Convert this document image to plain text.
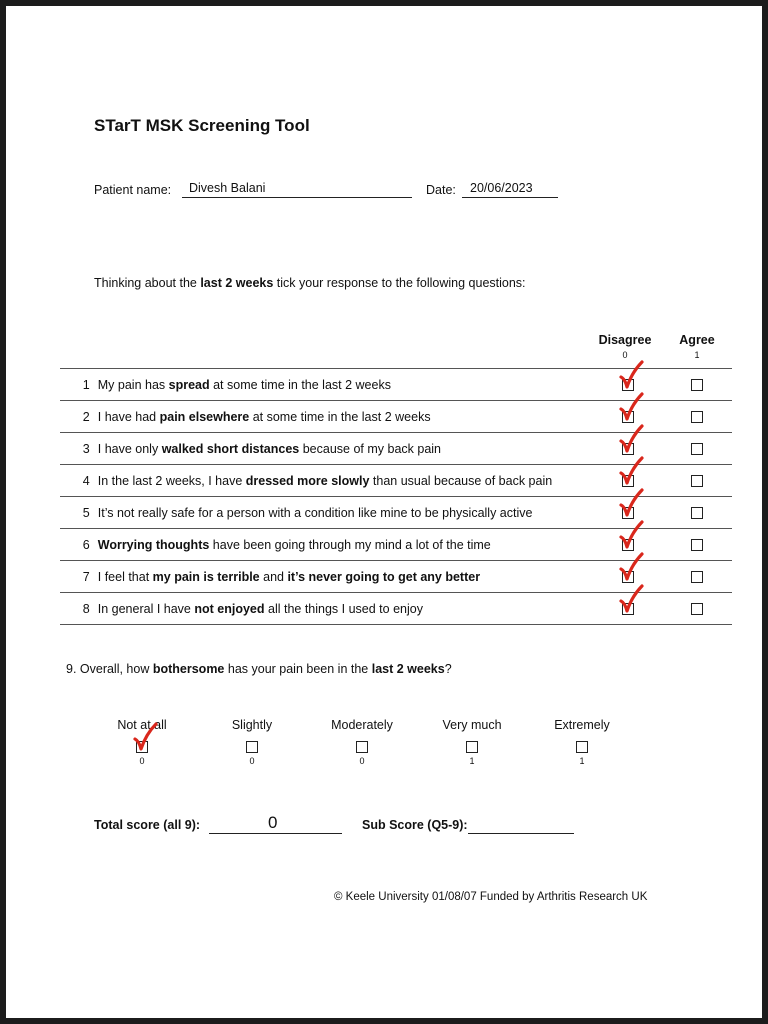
STarT MSK Screening Tool
Patient name: Divesh Balani	Date: 20/06/2023
Thinking about the last 2 weeks tick your response to the following questions:
Disagree
0
Agree
1
1	My pain has spread at some time in the last 2 weeks	

2	I have had pain elsewhere at some time in the last 2 weeks	

3	I have only walked short distances because of my back pain	

4	In the last 2 weeks, I have dressed more slowly than usual because of back pain	

5	It’s not really safe for a person with a condition like mine to be physically active	

6	Worrying thoughts have been going through my mind a lot of the time	

7	I feel that my pain is terrible and it’s never going to get any better	

8	In general I have not enjoyed all the things I used to enjoy	

9. Overall, how bothersome has your pain been in the last 2 weeks?
Not at all
0
Slightly
0
Moderately
0
Very much
1
Extremely
1
Total score (all 9):	0	Sub Score (Q5-9):
© Keele University 01/08/07 Funded by Arthritis Research UK
